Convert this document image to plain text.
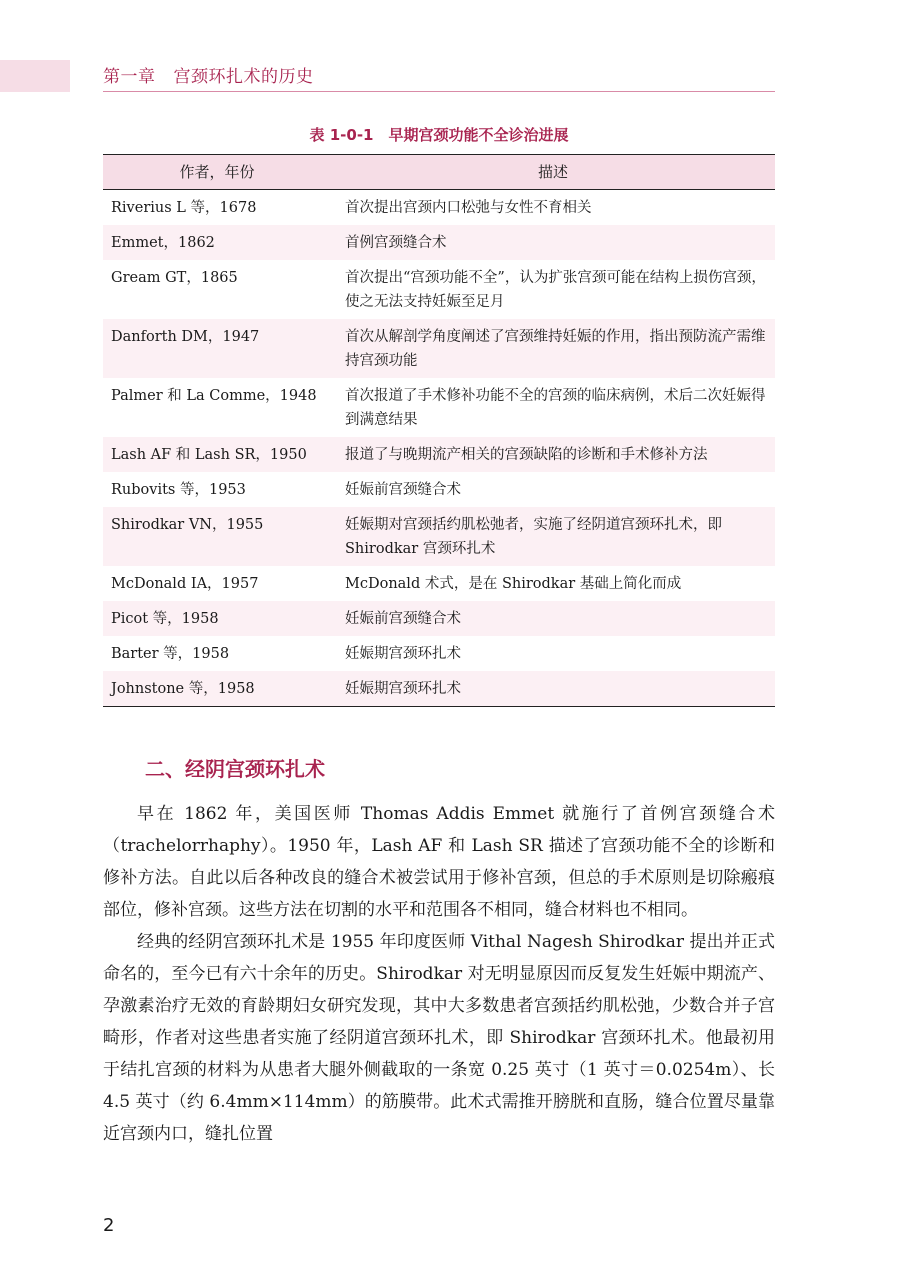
第一章 宫颈环扎术的历史
表 1-0-1　早期宫颈功能不全诊治进展
作者，年份	描述
Riverius L 等，1678	首次提出宫颈内口松弛与女性不育相关
Emmet，1862	首例宫颈缝合术
Gream GT，1865	首次提出“宫颈功能不全”，认为扩张宫颈可能在结构上损伤宫颈，使之无法支持妊娠至足月
Danforth DM，1947	首次从解剖学角度阐述了宫颈维持妊娠的作用，指出预防流产需维持宫颈功能
Palmer 和 La Comme，1948	首次报道了手术修补功能不全的宫颈的临床病例，术后二次妊娠得到满意结果
Lash AF 和 Lash SR，1950	报道了与晚期流产相关的宫颈缺陷的诊断和手术修补方法
Rubovits 等，1953	妊娠前宫颈缝合术
Shirodkar VN，1955	妊娠期对宫颈括约肌松弛者，实施了经阴道宫颈环扎术，即 Shirodkar 宫颈环扎术
McDonald IA，1957	McDonald 术式，是在 Shirodkar 基础上简化而成
Picot 等，1958	妊娠前宫颈缝合术
Barter 等，1958	妊娠期宫颈环扎术
Johnstone 等，1958	妊娠期宫颈环扎术
二、经阴宫颈环扎术

早在 1862 年，美国医师 Thomas Addis Emmet 就施行了首例宫颈缝合术（trachelorrhaphy）。1950 年，Lash AF 和 Lash SR 描述了宫颈功能不全的诊断和修补方法。自此以后各种改良的缝合术被尝试用于修补宫颈，但总的手术原则是切除瘢痕部位，修补宫颈。这些方法在切割的水平和范围各不相同，缝合材料也不相同。

经典的经阴宫颈环扎术是 1955 年印度医师 Vithal Nagesh Shirodkar 提出并正式命名的，至今已有六十余年的历史。Shirodkar 对无明显原因而反复发生妊娠中期流产、孕激素治疗无效的育龄期妇女研究发现，其中大多数患者宫颈括约肌松弛，少数合并子宫畸形，作者对这些患者实施了经阴道宫颈环扎术，即 Shirodkar 宫颈环扎术。他最初用于结扎宫颈的材料为从患者大腿外侧截取的一条宽 0.25 英寸（1 英寸＝0.0254m）、长 4.5 英寸（约 6.4mm×114mm）的筋膜带。此术式需推开膀胱和直肠，缝合位置尽量靠近宫颈内口，缝扎位置

2
